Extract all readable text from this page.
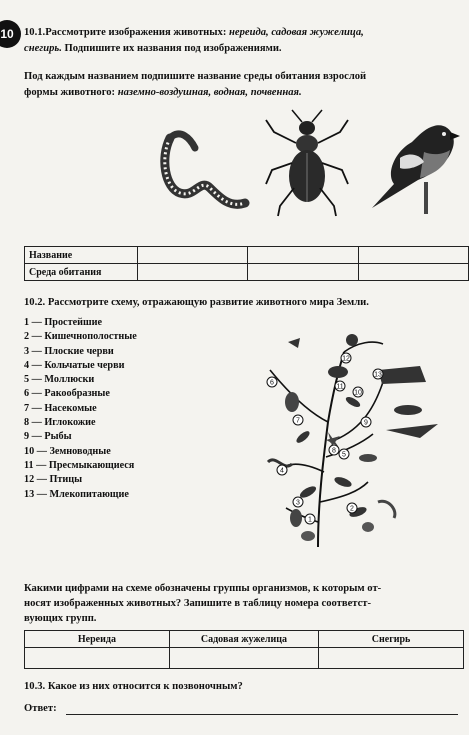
10 10.1.Рассмотрите изображения животных: нереида, садовая жужелица,
снегирь. Подпишите их названия под изображениями.
Под каждым названием подпишите название среды обитания взрослой
формы животного: наземно-воздушная, водная, почвенная.
Название			
Среда обитания			
10.2. Рассмотрите схему, отражающую развитие животного мира Земли.
1 — Простейшие
2 — Кишечнополостные
3 — Плоские черви
4 — Кольчатые черви
5 — Моллюски
6 — Ракообразные
7 — Насекомые
8 — Иглокожие
9 — Рыбы
10 — Земноводные
11 — Пресмыкающиеся
12 — Птицы
13 — Млекопитающие
1
2
3
4
5
6
7
8
9
10
11
12
13
Какими цифрами на схеме обозначены группы организмов, к которым от-
носят изображенных животных? Запишите в таблицу номера соответст-
вующих групп.
Нереида	Садовая жужелица	Снегирь

10.3. Какое из них относится к позвоночным?
Ответ:
